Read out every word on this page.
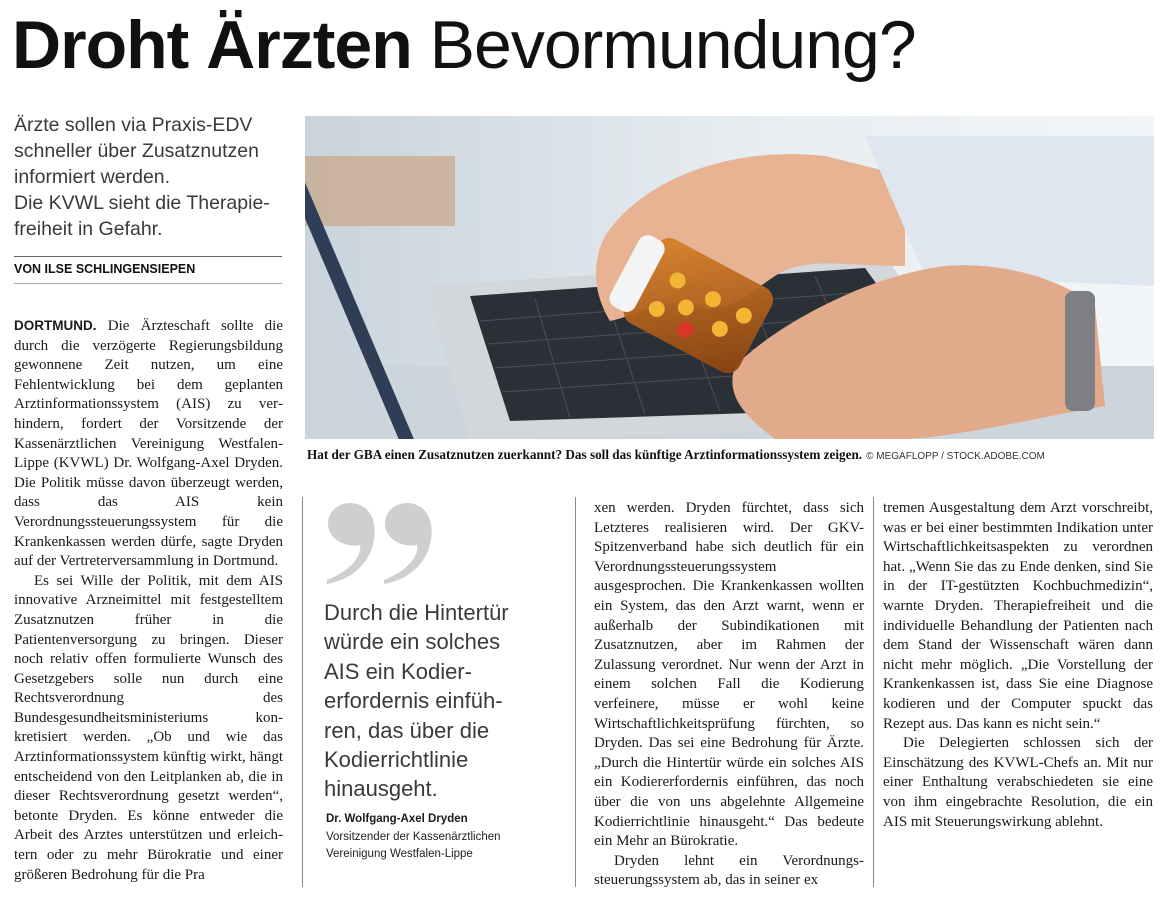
Droht Ärzten Bevormundung?
Ärzte sollen via Praxis-EDV
schneller über Zusatznutzen
informiert werden.
Die KVWL sieht die Therapie-
freiheit in Gefahr.
VON ILSE SCHLINGENSIEPEN
Hat der GBA einen Zusatznutzen zuerkannt? Das soll das künftige Arztinformationssystem zeigen. © MEGAFLOPP / STOCK.ADOBE.COM

DORTMUND. Die Ärzteschaft sollte die durch die verzögerte Regierungsbildung gewonnene Zeit nutzen, um eine Fehlentwicklung bei dem geplanten Arztinformationssystem (AIS) zu verhindern, fordert der Vorsitzende der Kassenärztlichen Vereinigung Westfalen-Lippe (KVWL) Dr. Wolfgang-Axel Dryden. Die Politik müsse davon überzeugt werden, dass das AIS kein Verordnungssteuerungssystem für die Krankenkassen werden dürfe, sagte Dryden auf der Vertreterversammlung in Dortmund.

Es sei Wille der Politik, mit dem AIS innovative Arzneimittel mit festgestelltem Zusatznutzen früher in die Patientenversorgung zu bringen. Dieser noch relativ offen formulierte Wunsch des Gesetzgebers solle nun durch eine Rechtsverordnung des Bundesgesundheitsministeriums konkretisiert werden. „Ob und wie das Arztinformationssystem künftig wirkt, hängt entscheidend von den Leitplanken ab, die in dieser Rechtsverordnung gesetzt werden“, betonte Dryden. Es könne entweder die Arbeit des Arztes unterstützen und erleichtern oder zu mehr Bürokratie und einer größeren Bedrohung für die Pra

Durch die Hintertür
würde ein solches
AIS ein Kodier-
erfordernis einfüh-
ren, das über die
Kodierrichtlinie
hinausgeht.

Dr. Wolfgang-Axel Dryden
Vorsitzender der Kassenärztlichen
Vereinigung Westfalen-Lippe

xen werden. Dryden fürchtet, dass sich Letzteres realisieren wird. Der GKV-Spitzenverband habe sich deutlich für ein Verordnungssteuerungssystem ausgesprochen. Die Krankenkassen wollten ein System, das den Arzt warnt, wenn er außerhalb der Subindikationen mit Zusatznutzen, aber im Rahmen der Zulassung verordnet. Nur wenn der Arzt in einem solchen Fall die Kodierung verfeinere, müsse er wohl keine Wirtschaftlichkeitsprüfung fürchten, so Dryden. Das sei eine Bedrohung für Ärzte. „Durch die Hintertür würde ein solches AIS ein Kodiererfordernis einführen, das noch über die von uns abgelehnte Allgemeine Kodierrichtlinie hinausgeht.“ Das bedeute ein Mehr an Bürokratie.

Dryden lehnt ein Verordnungssteuerungssystem ab, das in seiner ex

tremen Ausgestaltung dem Arzt vorschreibt, was er bei einer bestimmten Indikation unter Wirtschaftlichkeitsaspekten zu verordnen hat. „Wenn Sie das zu Ende denken, sind Sie in der IT-gestützten Kochbuchmedizin“, warnte Dryden. Therapiefreiheit und die individuelle Behandlung der Patienten nach dem Stand der Wissenschaft wären dann nicht mehr möglich. „Die Vorstellung der Krankenkassen ist, dass Sie eine Diagnose kodieren und der Computer spuckt das Rezept aus. Das kann es nicht sein.“

Die Delegierten schlossen sich der Einschätzung des KVWL-Chefs an. Mit nur einer Enthaltung verabschiedeten sie eine von ihm eingebrachte Resolution, die ein AIS mit Steuerungswirkung ablehnt.
